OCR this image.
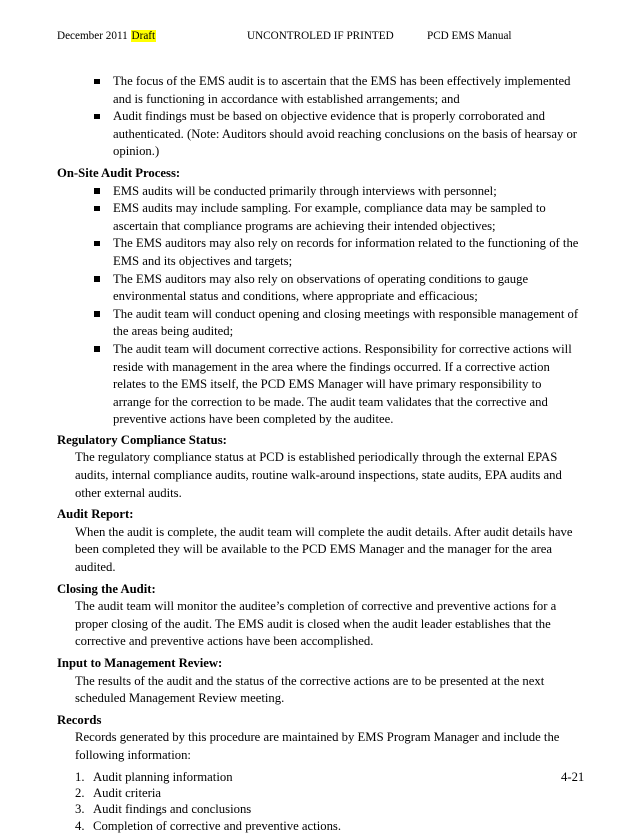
December 2011 Draft	UNCONTROLED IF PRINTED	PCD EMS Manual
The focus of the EMS audit is to ascertain that the EMS has been effectively implemented and is functioning in accordance with established arrangements; and
Audit findings must be based on objective evidence that is properly corroborated and authenticated. (Note: Auditors should avoid reaching conclusions on the basis of hearsay or opinion.)

On-Site Audit Process:

EMS audits will be conducted primarily through interviews with personnel;
EMS audits may include sampling. For example, compliance data may be sampled to ascertain that compliance programs are achieving their intended objectives;
The EMS auditors may also rely on records for information related to the functioning of the EMS and its objectives and targets;
The EMS auditors may also rely on observations of operating conditions to gauge environmental status and conditions, where appropriate and efficacious;
The audit team will conduct opening and closing meetings with responsible management of the areas being audited;
The audit team will document corrective actions. Responsibility for corrective actions will reside with management in the area where the findings occurred. If a corrective action relates to the EMS itself, the PCD EMS Manager will have primary responsibility to arrange for the correction to be made. The audit team validates that the corrective and preventive actions have been completed by the auditee.

Regulatory Compliance Status:

The regulatory compliance status at PCD is established periodically through the external EPAS audits, internal compliance audits, routine walk-around inspections, state audits, EPA audits and other external audits.

Audit Report:

When the audit is complete, the audit team will complete the audit details. After audit details have been completed they will be available to the PCD EMS Manager and the manager for the area audited.

Closing the Audit:

The audit team will monitor the auditee’s completion of corrective and preventive actions for a proper closing of the audit. The EMS audit is closed when the audit leader establishes that the corrective and preventive actions have been accomplished.

Input to Management Review:

The results of the audit and the status of the corrective actions are to be presented at the next scheduled Management Review meeting.

Records

Records generated by this procedure are maintained by EMS Program Manager and include the following information:

1. Audit planning information
2. Audit criteria
3. Audit findings and conclusions
4. Completion of corrective and preventive actions.
4-21
